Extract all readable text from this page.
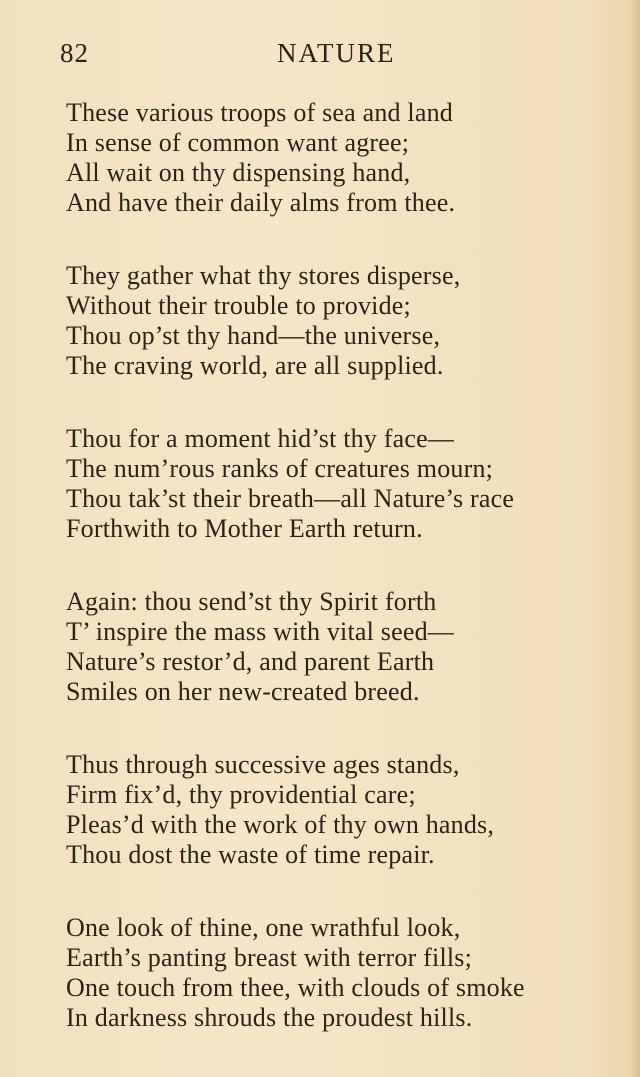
82	NATURE
These various troops of sea and land
In sense of common want agree;
All wait on thy dispensing hand,
And have their daily alms from thee.
They gather what thy stores disperse,
Without their trouble to provide;
Thou op’st thy hand—the universe,
The craving world, are all supplied.
Thou for a moment hid’st thy face—
The num’rous ranks of creatures mourn;
Thou tak’st their breath—all Nature’s race
Forthwith to Mother Earth return.
Again: thou send’st thy Spirit forth
T’ inspire the mass with vital seed—
Nature’s restor’d, and parent Earth
Smiles on her new-created breed.
Thus through successive ages stands,
Firm fix’d, thy providential care;
Pleas’d with the work of thy own hands,
Thou dost the waste of time repair.
One look of thine, one wrathful look,
Earth’s panting breast with terror fills;
One touch from thee, with clouds of smoke
In darkness shrouds the proudest hills.
